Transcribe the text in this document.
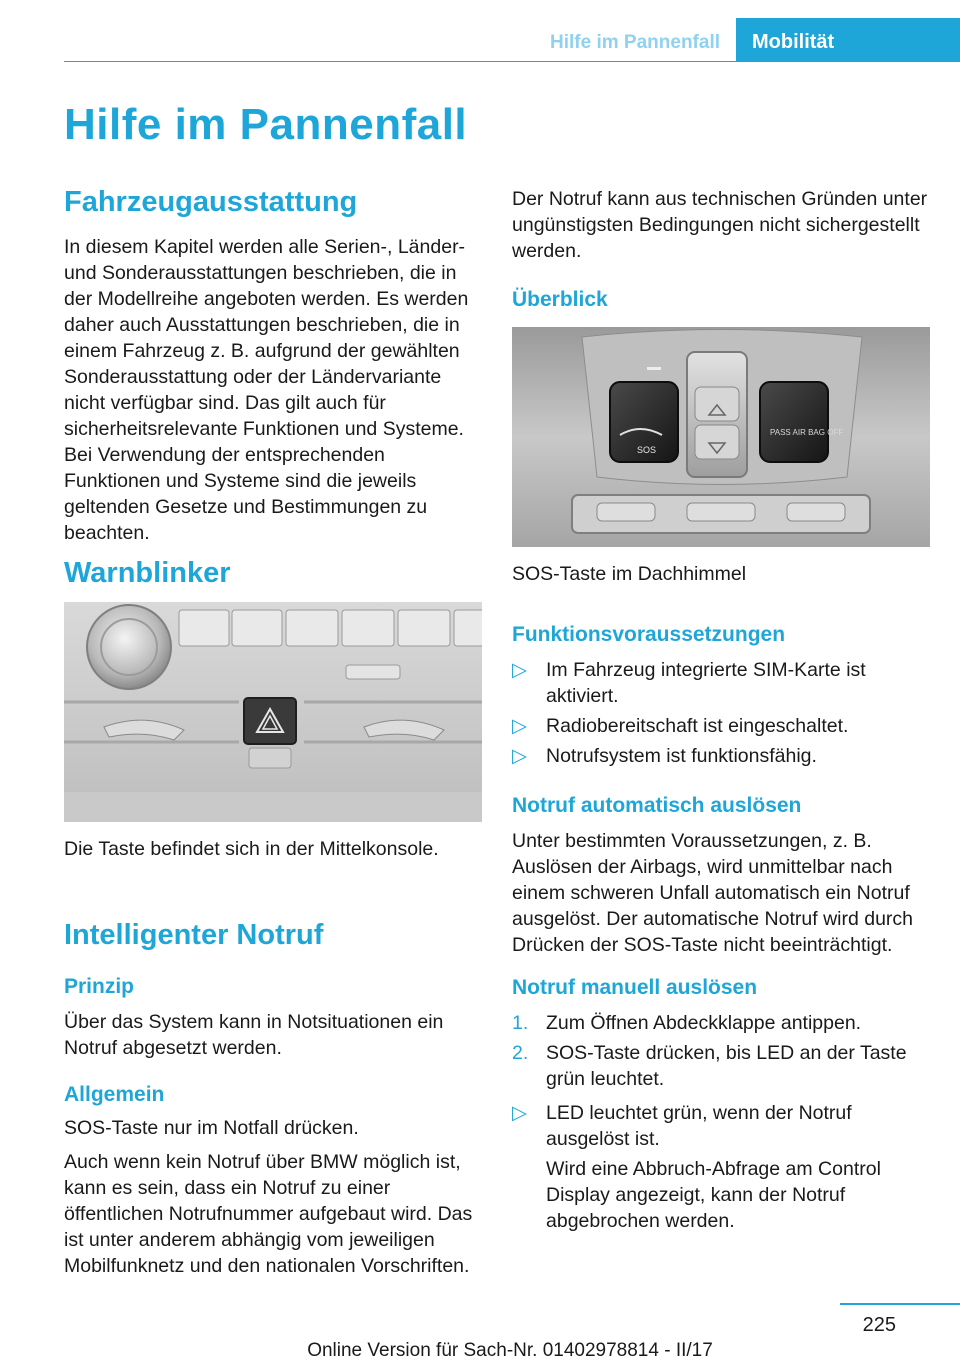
Hilfe im Pannenfall	Mobilität
Hilfe im Pannenfall
Fahrzeugausstattung

In diesem Kapitel werden alle Serien-, Länder- und Sonderausstattungen beschrieben, die in der Modellreihe angeboten werden. Es werden daher auch Ausstattungen beschrieben, die in einem Fahrzeug z. B. aufgrund der gewählten Sonderausstattung oder der Ländervariante nicht verfügbar sind. Das gilt auch für sicherheitsrelevante Funktionen und Systeme. Bei Verwendung der entsprechenden Funktionen und Systeme sind die jeweils geltenden Gesetze und Bestimmungen zu beachten.

Warnblinker

Die Taste befindet sich in der Mittelkonsole.

Intelligenter Notruf
Prinzip

Über das System kann in Notsituationen ein Notruf abgesetzt werden.

Allgemein

SOS-Taste nur im Notfall drücken.

Auch wenn kein Notruf über BMW möglich ist, kann es sein, dass ein Notruf zu einer öffentlichen Notrufnummer aufgebaut wird. Das ist unter anderem abhängig vom jeweiligen Mobilfunknetz und den nationalen Vorschriften.

Der Notruf kann aus technischen Gründen unter ungünstigsten Bedingungen nicht sichergestellt werden.

Überblick
SOS
PASS AIR BAG OFF

SOS-Taste im Dachhimmel

Funktionsvoraussetzungen
▷ Im Fahrzeug integrierte SIM-Karte ist aktiviert.
▷ Radiobereitschaft ist eingeschaltet.
▷ Notrufsystem ist funktionsfähig.
Notruf automatisch auslösen

Unter bestimmten Voraussetzungen, z. B. Auslösen der Airbags, wird unmittelbar nach einem schweren Unfall automatisch ein Notruf ausgelöst. Der automatische Notruf wird durch Drücken der SOS-Taste nicht beeinträchtigt.

Notruf manuell auslösen
1. Zum Öffnen Abdeckklappe antippen.
2. SOS-Taste drücken, bis LED an der Taste grün leuchtet.
▷ LED leuchtet grün, wenn der Notruf ausgelöst ist.
Wird eine Abbruch-Abfrage am Control Display angezeigt, kann der Notruf abgebrochen werden.
225
Online Version für Sach-Nr. 01402978814 - II/17
